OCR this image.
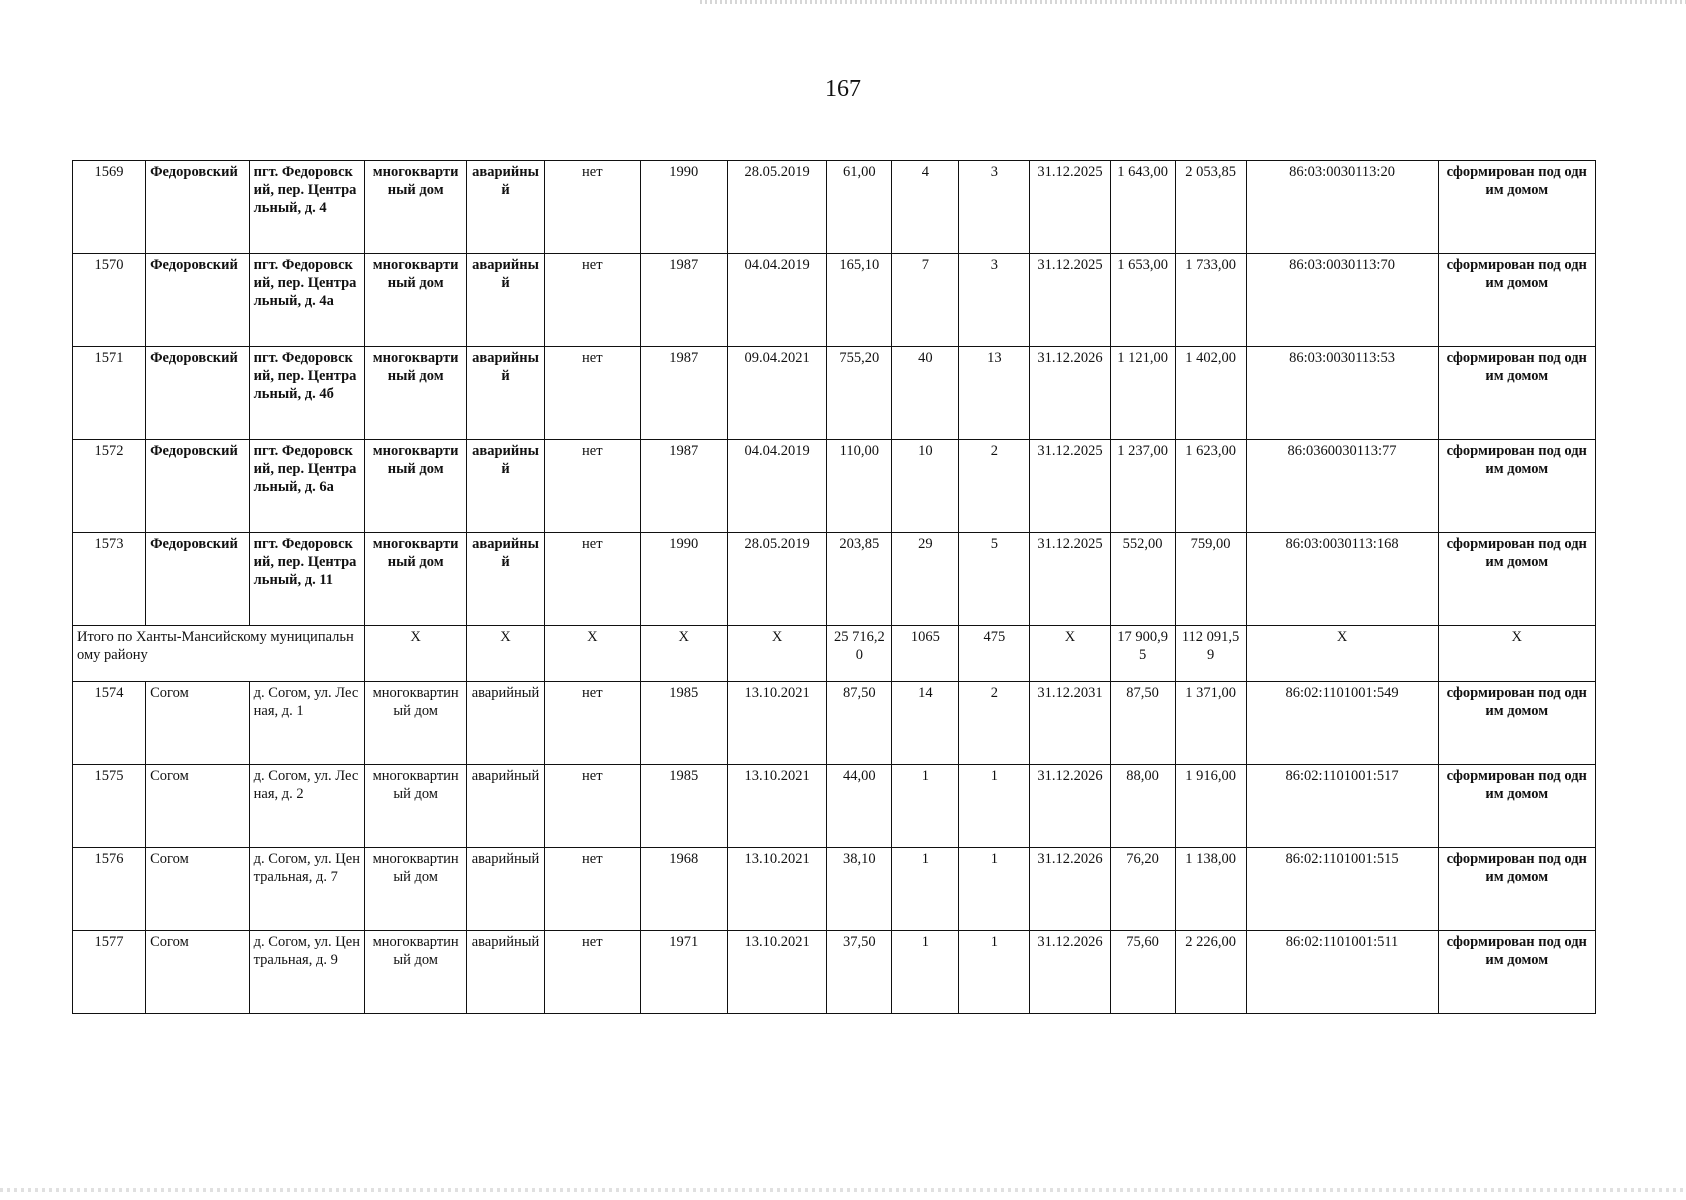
167
1569	Федоровский	пгт. Федоровский, пер. Центральный, д. 4	многоквартиный дом	аварийный	нет	1990	28.05.2019	61,00	4	3	31.12.2025	1 643,00	2 053,85	86:03:0030113:20	сформирован под одним домом
1570	Федоровский	пгт. Федоровский, пер. Центральный, д. 4а	многоквартиный дом	аварийный	нет	1987	04.04.2019	165,10	7	3	31.12.2025	1 653,00	1 733,00	86:03:0030113:70	сформирован под одним домом
1571	Федоровский	пгт. Федоровский, пер. Центральный, д. 4б	многоквартиный дом	аварийный	нет	1987	09.04.2021	755,20	40	13	31.12.2026	1 121,00	1 402,00	86:03:0030113:53	сформирован под одним домом
1572	Федоровский	пгт. Федоровский, пер. Центральный, д. 6а	многоквартиный дом	аварийный	нет	1987	04.04.2019	110,00	10	2	31.12.2025	1 237,00	1 623,00	86:0360030113:77	сформирован под одним домом
1573	Федоровский	пгт. Федоровский, пер. Центральный, д. 11	многоквартиный дом	аварийный	нет	1990	28.05.2019	203,85	29	5	31.12.2025	552,00	759,00	86:03:0030113:168	сформирован под одним домом
Итого по Ханты-Мансийскому муниципальному району			Х	Х	Х	Х	Х	25 716,20	1065	475	Х	17 900,95	112 091,59	Х	Х
1574	Согом	д. Согом, ул. Лесная, д. 1	многоквартиный дом	аварийный	нет	1985	13.10.2021	87,50	14	2	31.12.2031	87,50	1 371,00	86:02:1101001:549	сформирован под одним домом
1575	Согом	д. Согом, ул. Лесная, д. 2	многоквартиный дом	аварийный	нет	1985	13.10.2021	44,00	1	1	31.12.2026	88,00	1 916,00	86:02:1101001:517	сформирован под одним домом
1576	Согом	д. Согом, ул. Центральная, д. 7	многоквартиный дом	аварийный	нет	1968	13.10.2021	38,10	1	1	31.12.2026	76,20	1 138,00	86:02:1101001:515	сформирован под одним домом
1577	Согом	д. Согом, ул. Центральная, д. 9	многоквартиный дом	аварийный	нет	1971	13.10.2021	37,50	1	1	31.12.2026	75,60	2 226,00	86:02:1101001:511	сформирован под одним домом
